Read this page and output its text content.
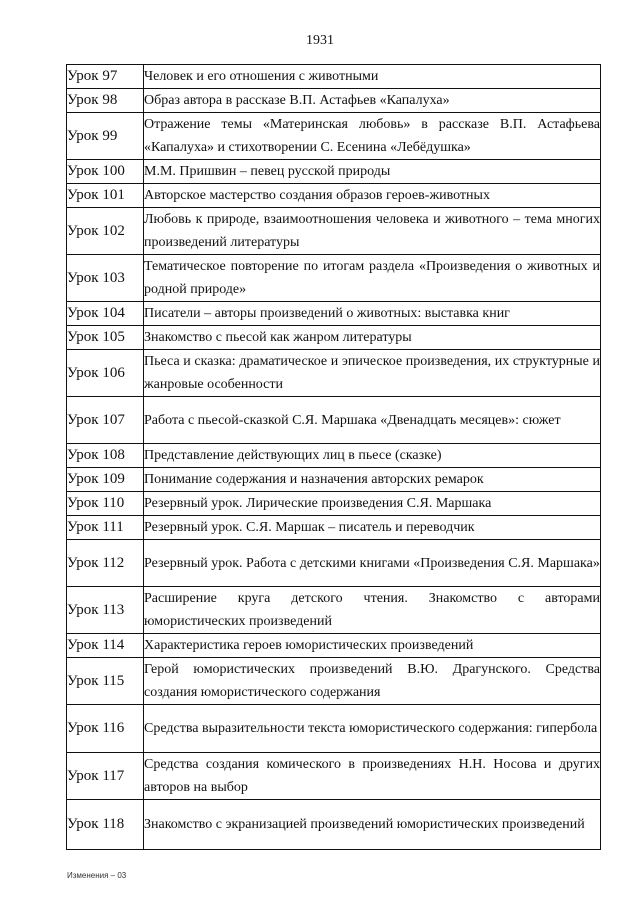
1931
Урок 97	Человек и его отношения с животными
Урок 98	Образ автора в рассказе В.П. Астафьев «Капалуха»
Урок 99	Отражение темы «Материнская любовь» в рассказе В.П. Астафьева «Капалуха» и стихотворении С. Есенина «Лебёдушка»
Урок 100	М.М. Пришвин – певец русской природы
Урок 101	Авторское мастерство создания образов героев-животных
Урок 102	Любовь к природе, взаимоотношения человека и животного – тема многих произведений литературы
Урок 103	Тематическое повторение по итогам раздела «Произведения о животных и родной природе»
Урок 104	Писатели – авторы произведений о животных: выставка книг
Урок 105	Знакомство с пьесой как жанром литературы
Урок 106	Пьеса и сказка: драматическое и эпическое произведения, их структурные и жанровые особенности
Урок 107	Работа с пьесой-сказкой С.Я. Маршака «Двенадцать месяцев»: сюжет
Урок 108	Представление действующих лиц в пьесе (сказке)
Урок 109	Понимание содержания и назначения авторских ремарок
Урок 110	Резервный урок. Лирические произведения С.Я. Маршака
Урок 111	Резервный урок. С.Я. Маршак – писатель и переводчик
Урок 112	Резервный урок. Работа с детскими книгами «Произведения С.Я. Маршака»
Урок 113	Расширение круга детского чтения. Знакомство с авторами юмористических произведений
Урок 114	Характеристика героев юмористических произведений
Урок 115	Герой юмористических произведений В.Ю. Драгунского. Средства создания юмористического содержания
Урок 116	Средства выразительности текста юмористического содержания: гипербола
Урок 117	Средства создания комического в произведениях Н.Н. Носова и других авторов на выбор
Урок 118	Знакомство с экранизацией произведений юмористических произведений
Изменения – 03
